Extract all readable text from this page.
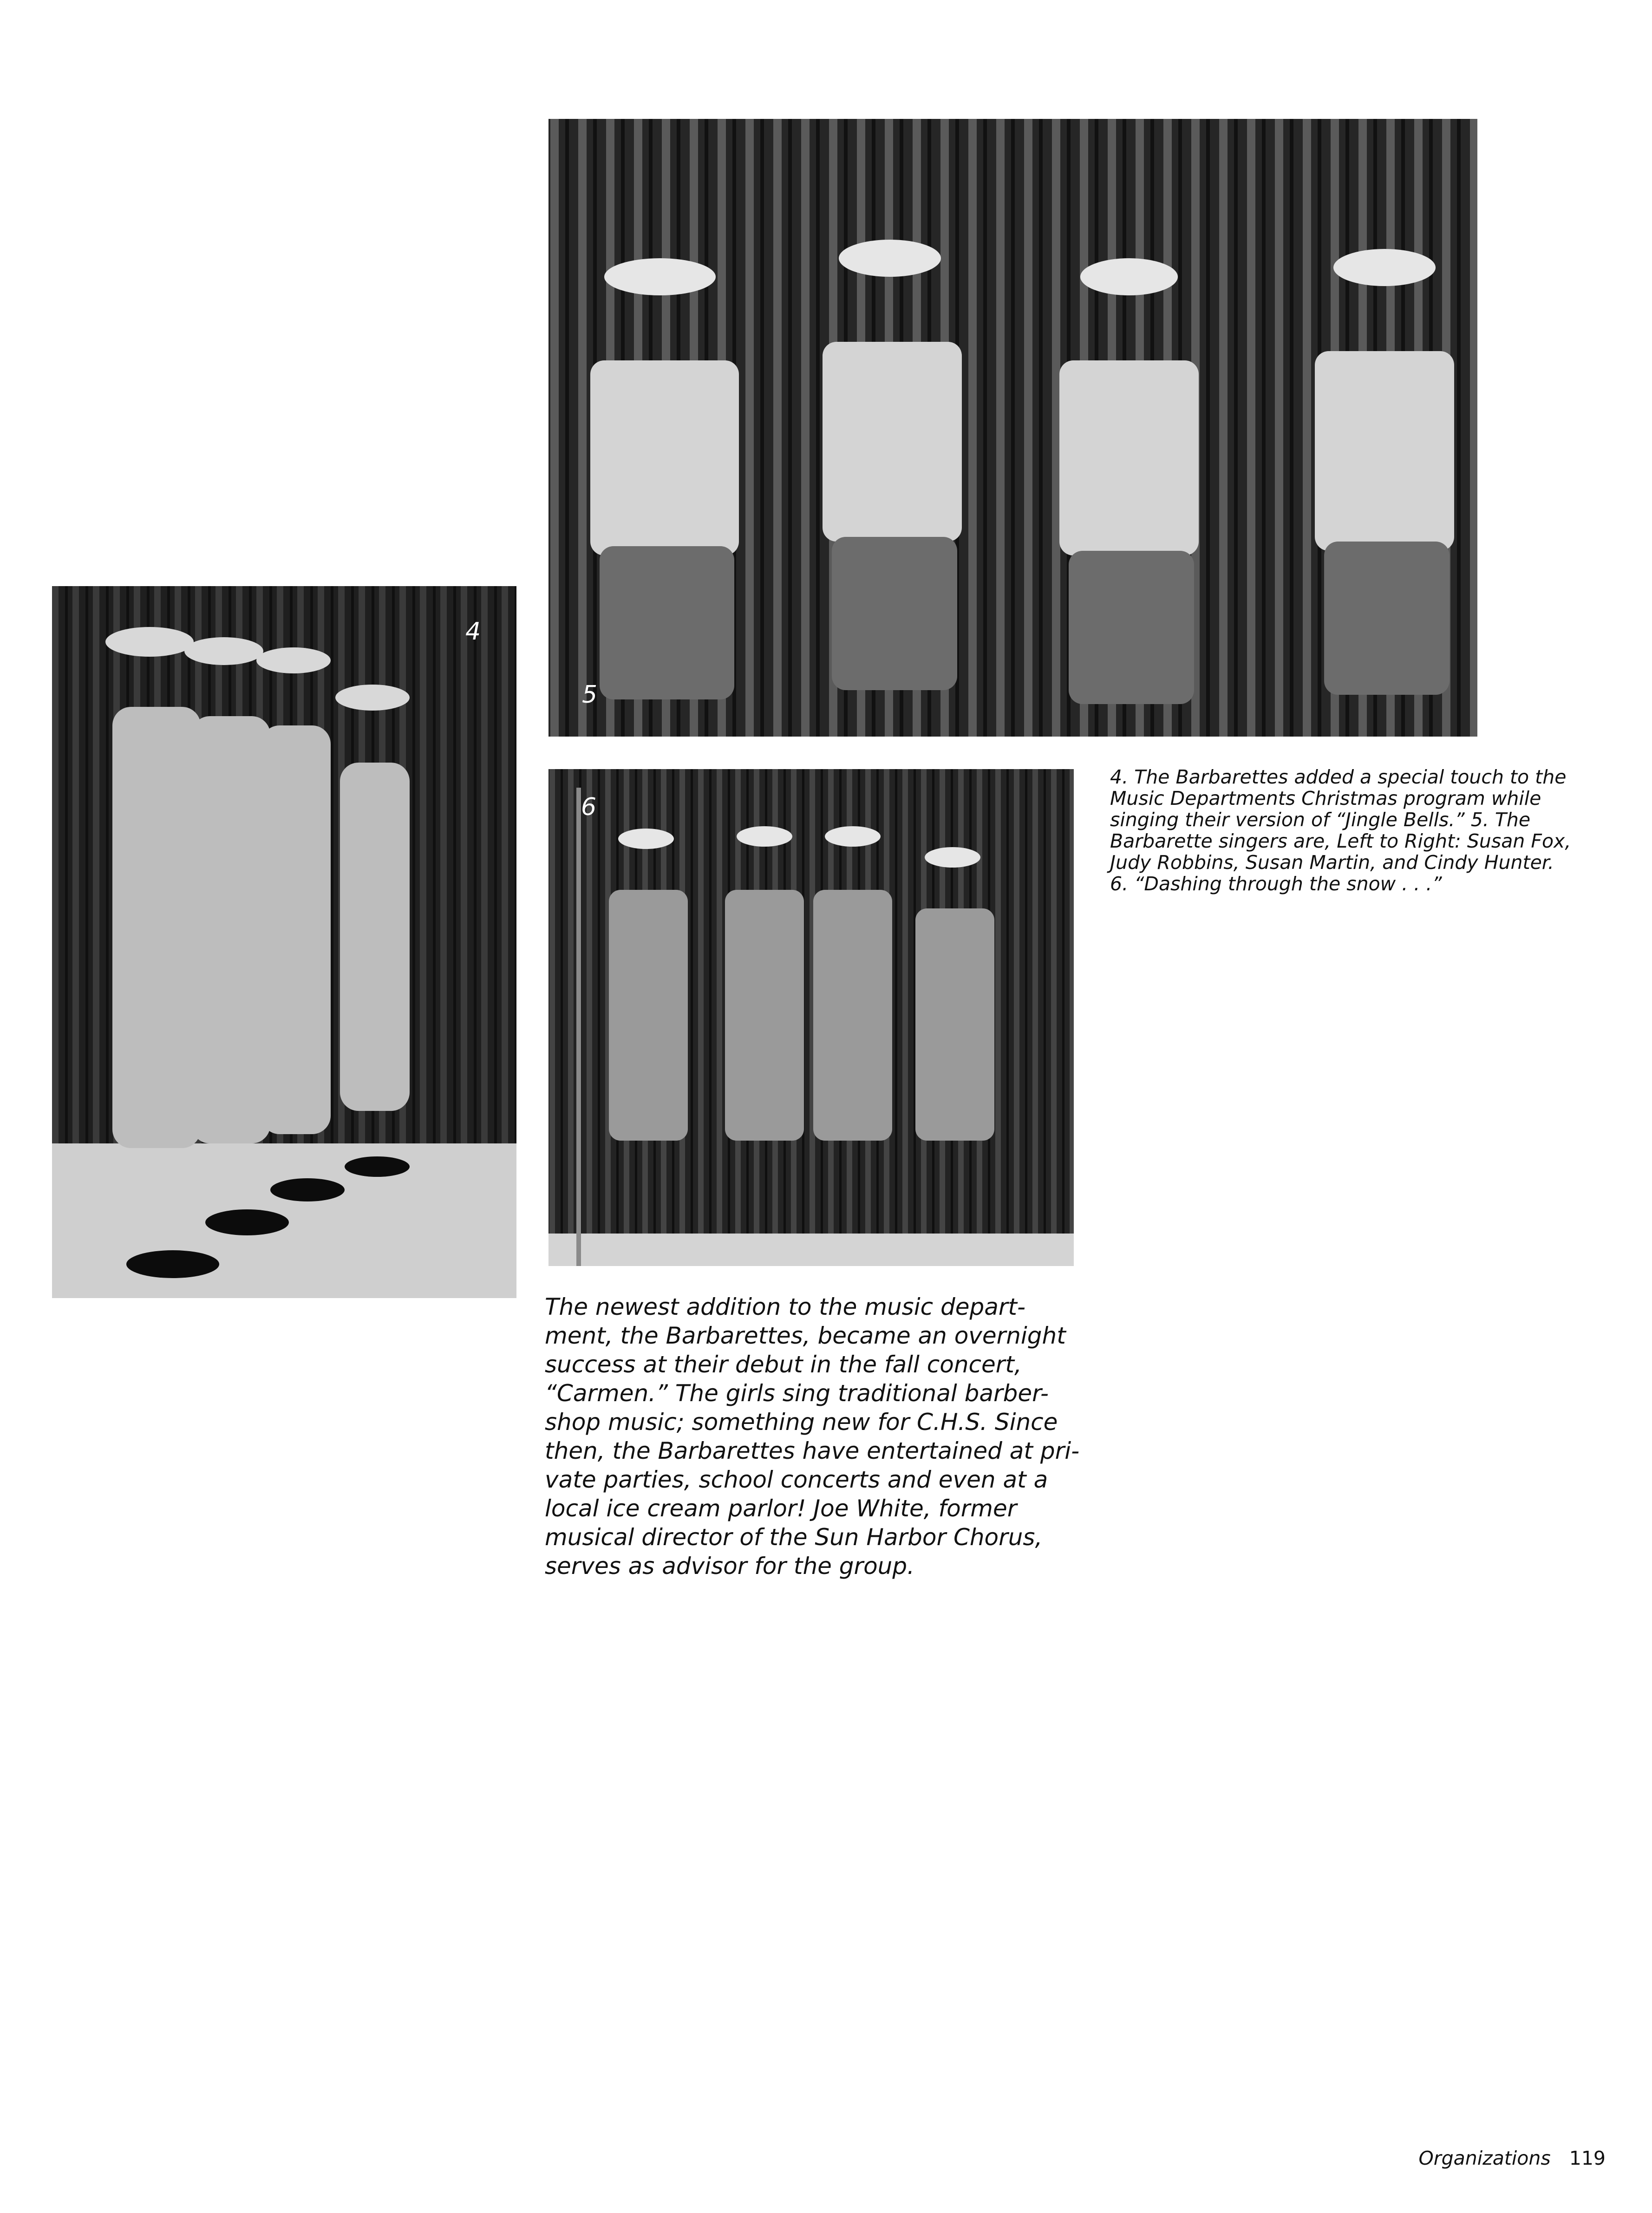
4
5
6
4. The Barbarettes added a special touch to the
Music Departments Christmas program while
singing their version of “Jingle Bells.” 5. The
Barbarette singers are, Left to Right: Susan Fox,
Judy Robbins, Susan Martin, and Cindy Hunter.
6. “Dashing through the snow . . .”
The newest addition to the music depart-
ment, the Barbarettes, became an overnight
success at their debut in the fall concert,
“Carmen.” The girls sing traditional barber-
shop music; something new for C.H.S. Since
then, the Barbarettes have entertained at pri-
vate parties, school concerts and even at a
local ice cream parlor! Joe White, former
musical director of the Sun Harbor Chorus,
serves as advisor for the group.
Organizations 119
